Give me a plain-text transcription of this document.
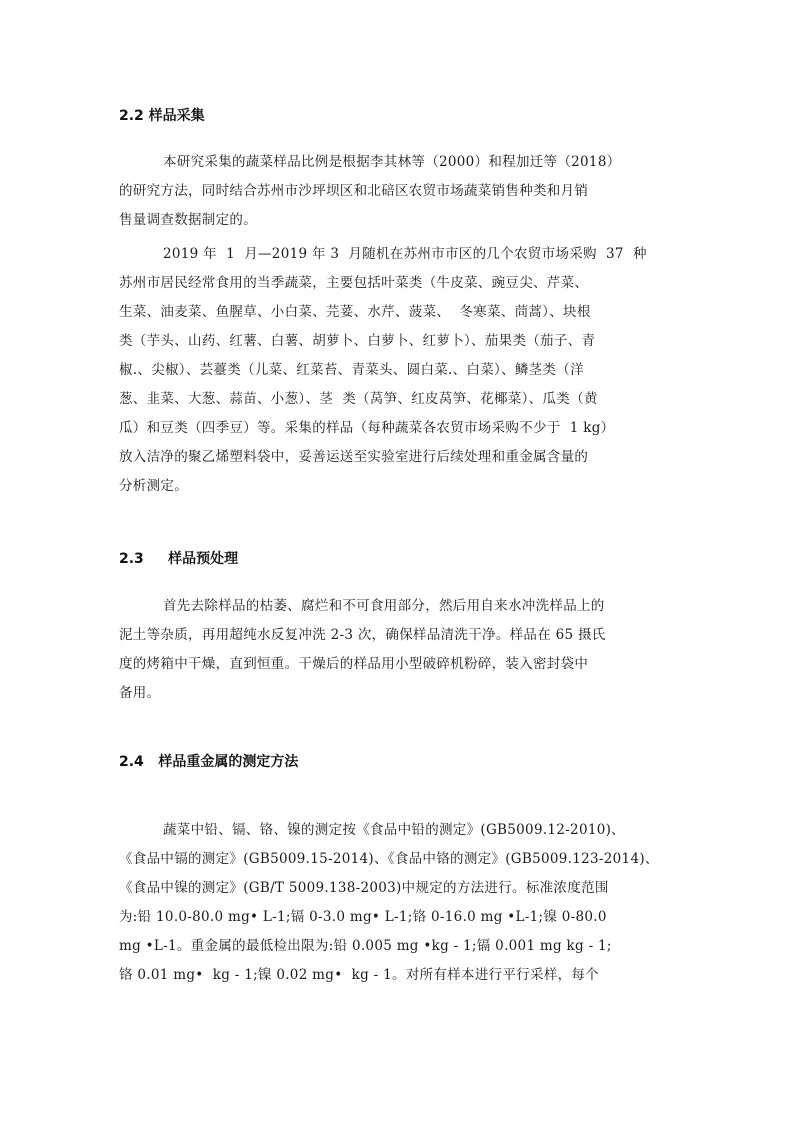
2.2 样品采集
本研究采集的蔬菜样品比例是根据李其林等（2000）和程加迁等（2018）
的研究方法，同时结合苏州市沙坪坝区和北碚区农贸市场蔬菜销售种类和月销
售量调查数据制定的。
2019 年  1  月—2019 年 3  月随机在苏州市市区的几个农贸市场采购  37  种
苏州市居民经常食用的当季蔬菜，主要包括叶菜类（牛皮菜、豌豆尖、芹菜、
生菜、油麦菜、鱼腥草、小白菜、芫荽、水芹、菠菜、  冬寒菜、茼蒿）、块根
类（芋头、山药、红薯、白薯、胡萝卜、白萝卜、红萝卜）、茄果类（茄子、青
椒.、尖椒）、芸薹类（儿菜、红菜苔、青菜头、圆白菜.、白菜）、鳞茎类（洋
葱、韭菜、大葱、蒜苗、小葱）、茎  类（莴笋、红皮莴笋、花椰菜）、瓜类（黄
瓜）和豆类（四季豆）等。采集的样品（每种蔬菜各农贸市场采购不少于  1 kg）
放入洁净的聚乙烯塑料袋中，妥善运送至实验室进行后续处理和重金属含量的
分析测定。
2.3     样品预处理
首先去除样品的枯萎、腐烂和不可食用部分，然后用自来水冲洗样品上的
泥土等杂质，再用超纯水反复冲洗 2-3 次，确保样品清洗干净。样品在 65 摄氏
度的烤箱中干燥，直到恒重。干燥后的样品用小型破碎机粉碎，装入密封袋中
备用。
2.4   样品重金属的测定方法
蔬菜中铅、镉、铬、镍的测定按《食品中铅的测定》(GB5009.12-2010)、
《食品中镉的测定》(GB5009.15-2014)、《食品中铬的测定》(GB5009.123-2014)、
《食品中镍的测定》(GB/T 5009.138-2003)中规定的方法进行。标准浓度范围
为:铅 10.0-80.0 mg• L-1;镉 0-3.0 mg• L-1;铬 0-16.0 mg •L-1;镍 0-80.0
mg •L-1。重金属的最低检出限为:铅 0.005 mg •kg - 1;镉 0.001 mg kg - 1;
铬 0.01 mg•  kg - 1;镍 0.02 mg•  kg - 1。对所有样本进行平行采样，每个
